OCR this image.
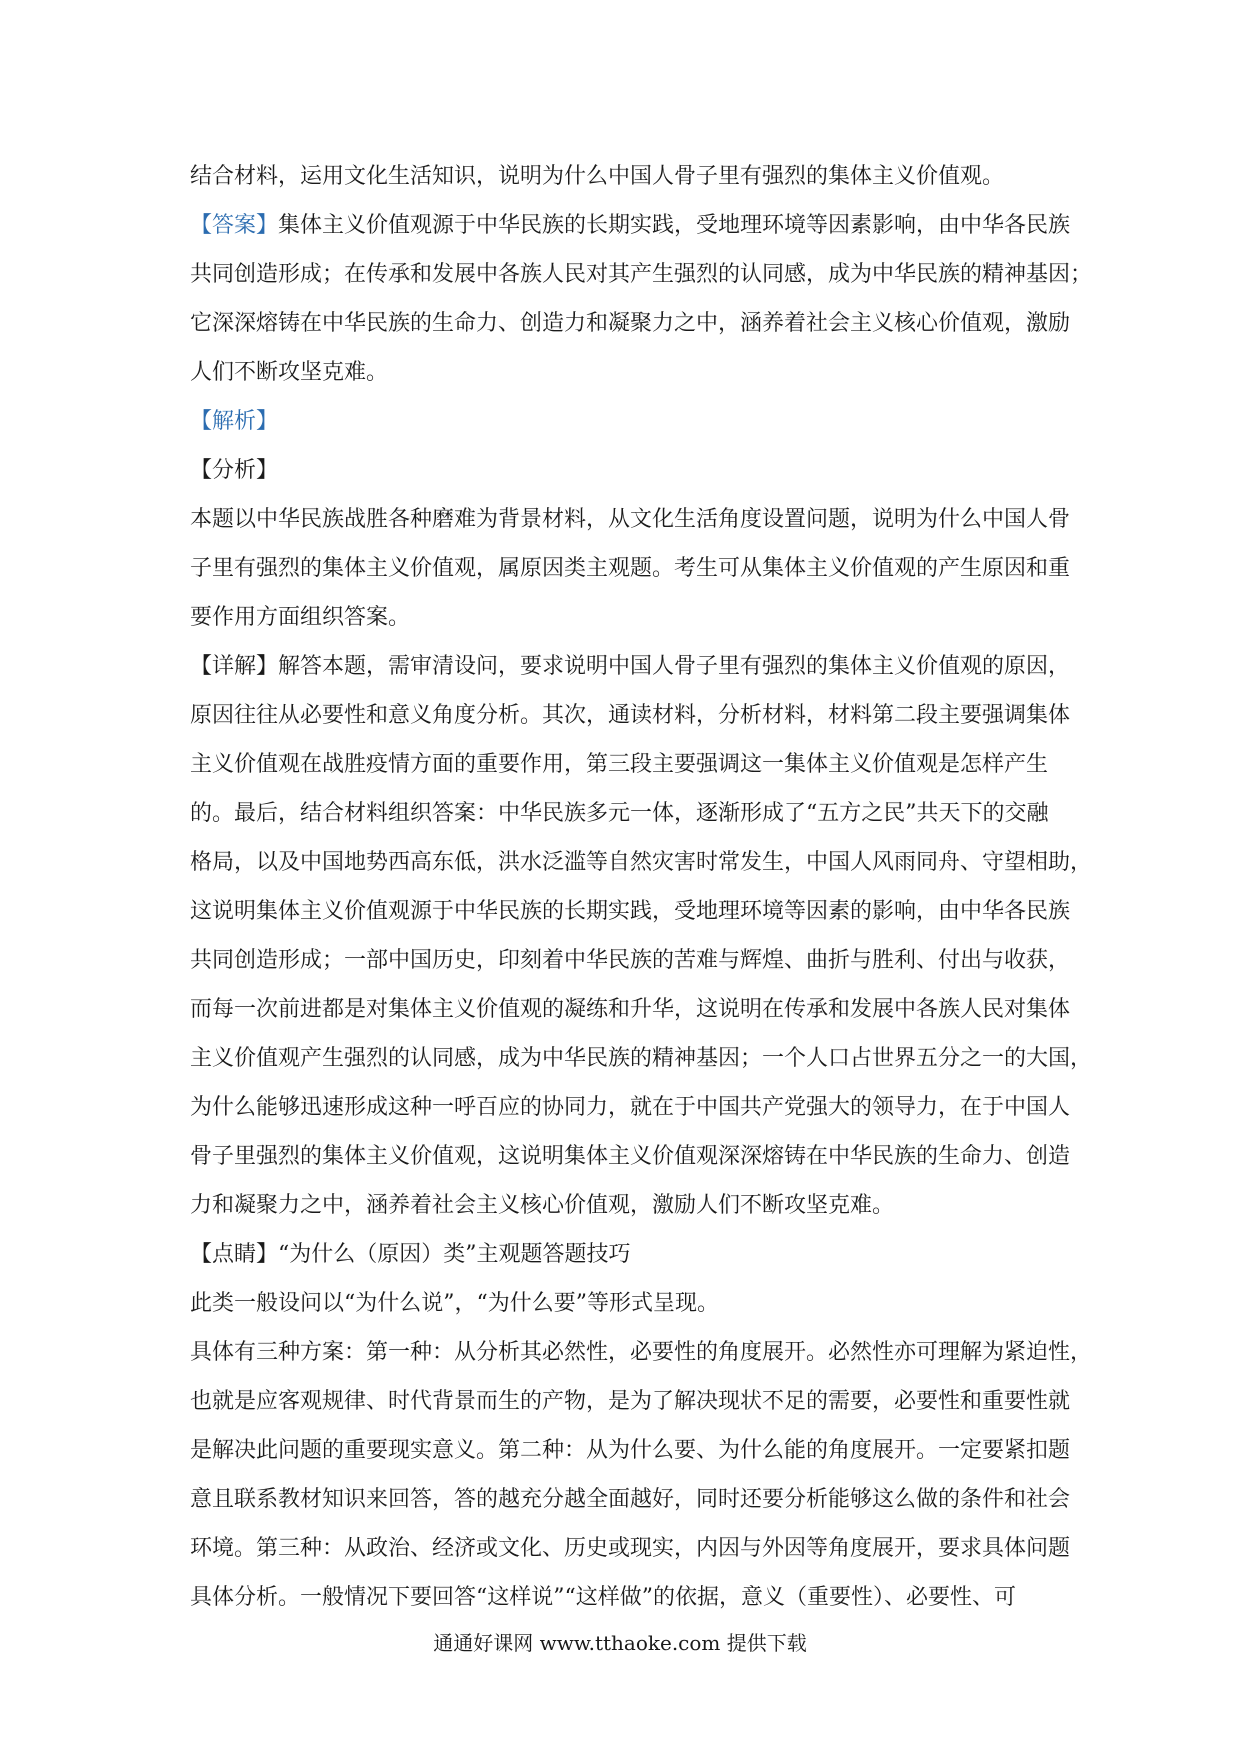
结合材料，运用文化生活知识，说明为什么中国人骨子里有强烈的集体主义价值观。

【答案】集体主义价值观源于中华民族的长期实践，受地理环境等因素影响，由中华各民族

共同创造形成；在传承和发展中各族人民对其产生强烈的认同感，成为中华民族的精神基因；

它深深熔铸在中华民族的生命力、创造力和凝聚力之中，涵养着社会主义核心价值观，激励

人们不断攻坚克难。

【解析】

【分析】

本题以中华民族战胜各种磨难为背景材料，从文化生活角度设置问题，说明为什么中国人骨

子里有强烈的集体主义价值观，属原因类主观题。考生可从集体主义价值观的产生原因和重

要作用方面组织答案。

【详解】解答本题，需审清设问，要求说明中国人骨子里有强烈的集体主义价值观的原因，

原因往往从必要性和意义角度分析。其次，通读材料，分析材料，材料第二段主要强调集体

主义价值观在战胜疫情方面的重要作用，第三段主要强调这一集体主义价值观是怎样产生

的。最后，结合材料组织答案：中华民族多元一体，逐渐形成了“五方之民”共天下的交融

格局，以及中国地势西高东低，洪水泛滥等自然灾害时常发生，中国人风雨同舟、守望相助，

这说明集体主义价值观源于中华民族的长期实践，受地理环境等因素的影响，由中华各民族

共同创造形成；一部中国历史，印刻着中华民族的苦难与辉煌、曲折与胜利、付出与收获，

而每一次前进都是对集体主义价值观的凝练和升华，这说明在传承和发展中各族人民对集体

主义价值观产生强烈的认同感，成为中华民族的精神基因；一个人口占世界五分之一的大国，

为什么能够迅速形成这种一呼百应的协同力，就在于中国共产党强大的领导力，在于中国人

骨子里强烈的集体主义价值观，这说明集体主义价值观深深熔铸在中华民族的生命力、创造

力和凝聚力之中，涵养着社会主义核心价值观，激励人们不断攻坚克难。

【点睛】“为什么（原因）类”主观题答题技巧

此类一般设问以“为什么说”，“为什么要”等形式呈现。

具体有三种方案：第一种：从分析其必然性，必要性的角度展开。必然性亦可理解为紧迫性，

也就是应客观规律、时代背景而生的产物，是为了解决现状不足的需要，必要性和重要性就

是解决此问题的重要现实意义。第二种：从为什么要、为什么能的角度展开。一定要紧扣题

意且联系教材知识来回答，答的越充分越全面越好，同时还要分析能够这么做的条件和社会

环境。第三种：从政治、经济或文化、历史或现实，内因与外因等角度展开，要求具体问题

具体分析。一般情况下要回答“这样说”“这样做”的依据，意义（重要性）、必要性、可

通通好课网 www.tthaoke.com 提供下载
